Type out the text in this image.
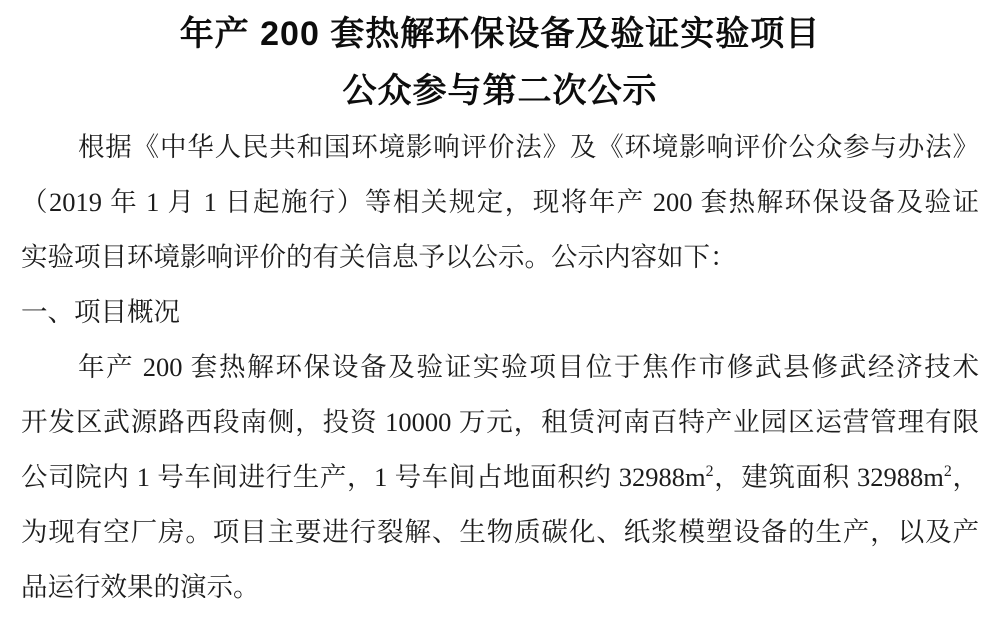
年产 200 套热解环保设备及验证实验项目
公众参与第二次公示
根据《中华人民共和国环境影响评价法》及《环境影响评价公众参与办法》
（2019 年 1 月 1 日起施行）等相关规定，现将年产 200 套热解环保设备及验证
实验项目环境影响评价的有关信息予以公示。公示内容如下：
一、项目概况
年产 200 套热解环保设备及验证实验项目位于焦作市修武县修武经济技术
开发区武源路西段南侧，投资 10000 万元，租赁河南百特产业园区运营管理有限
公司院内 1 号车间进行生产，1 号车间占地面积约 $32988m^2$，建筑面积 $32988m^2$，
为现有空厂房。项目主要进行裂解、生物质碳化、纸浆模塑设备的生产，以及产
品运行效果的演示。
